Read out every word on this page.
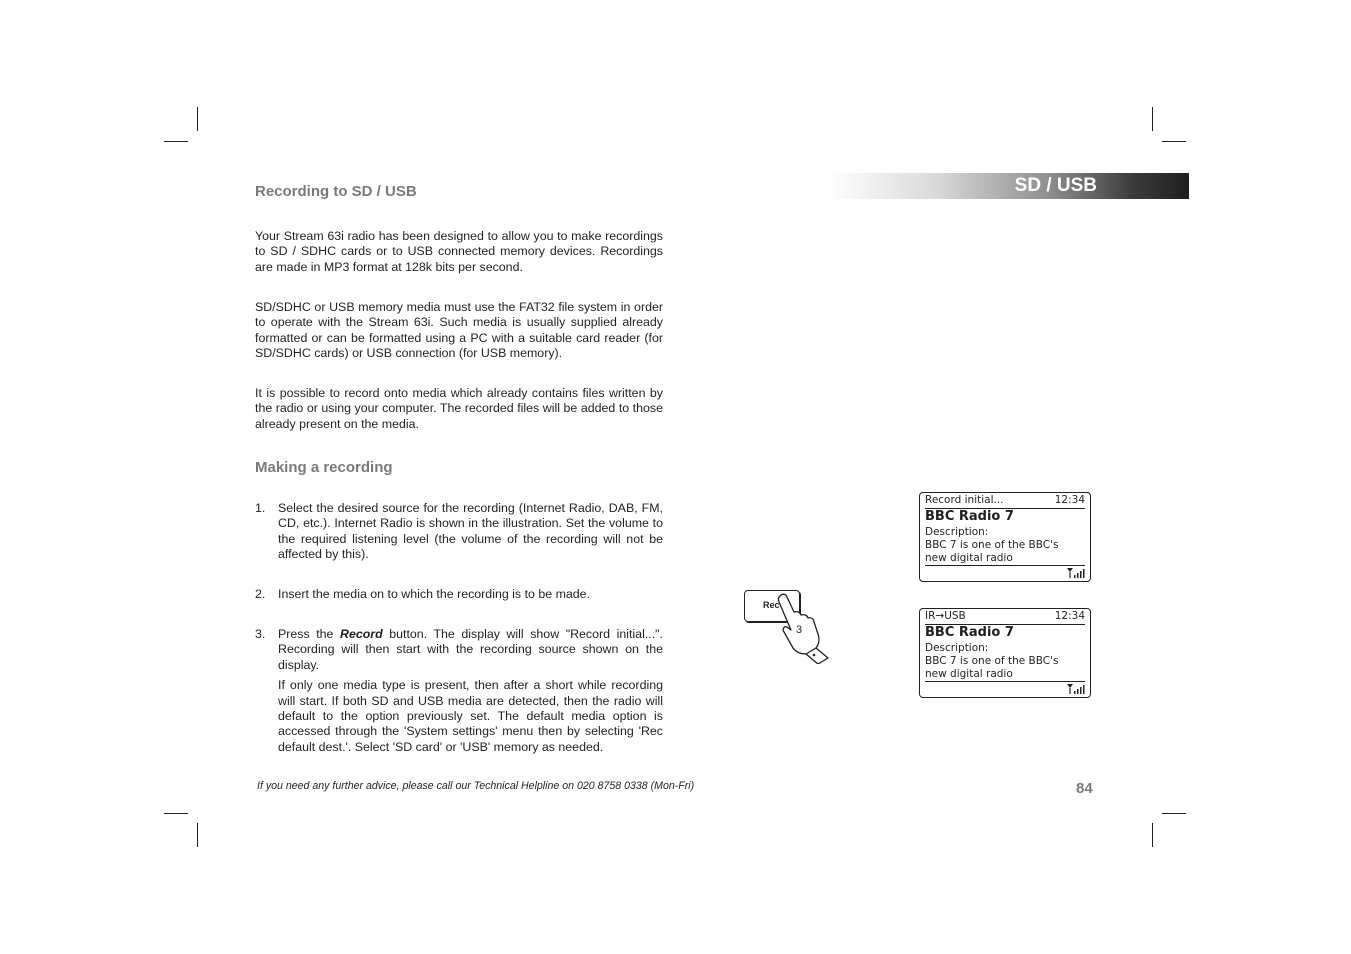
SD / USB
Recording to SD / USB
Your Stream 63i radio has been designed to allow you to make recordings to SD / SDHC cards or to USB connected memory devices. Recordings are made in MP3 format at 128k bits per second.
SD/SDHC or USB memory media must use the FAT32 file system in order to operate with the Stream 63i. Such media is usually supplied already formatted or can be formatted using a PC with a suitable card reader (for SD/SDHC cards) or USB connection (for USB memory).
It is possible to record onto media which already contains files written by the radio or using your computer. The recorded files will be added to those already present on the media.
Making a recording
1. Select the desired source for the recording (Internet Radio, DAB, FM, CD, etc.). Internet Radio is shown in the illustration. Set the volume to the required listening level (the volume of the recording will not be affected by this).
2. Insert the media on to which the recording is to be made.
3. Press the Record button. The display will show "Record initial...". Recording will then start with the recording source shown on the display.
If only one media type is present, then after a short while recording will start. If both SD and USB media are detected, then the radio will default to the option previously set. The default media option is accessed through the 'System settings' menu then by selecting 'Rec default dest.'. Select 'SD card' or 'USB' memory as needed.
Rec
3
Record initial...	12:34
BBC Radio 7
Description:
BBC 7 is one of the BBC's
new digital radio
IR→USB	12:34
BBC Radio 7
Description:
BBC 7 is one of the BBC's
new digital radio
If you need any further advice, please call our Technical Helpline on 020 8758 0338 (Mon-Fri)	84
